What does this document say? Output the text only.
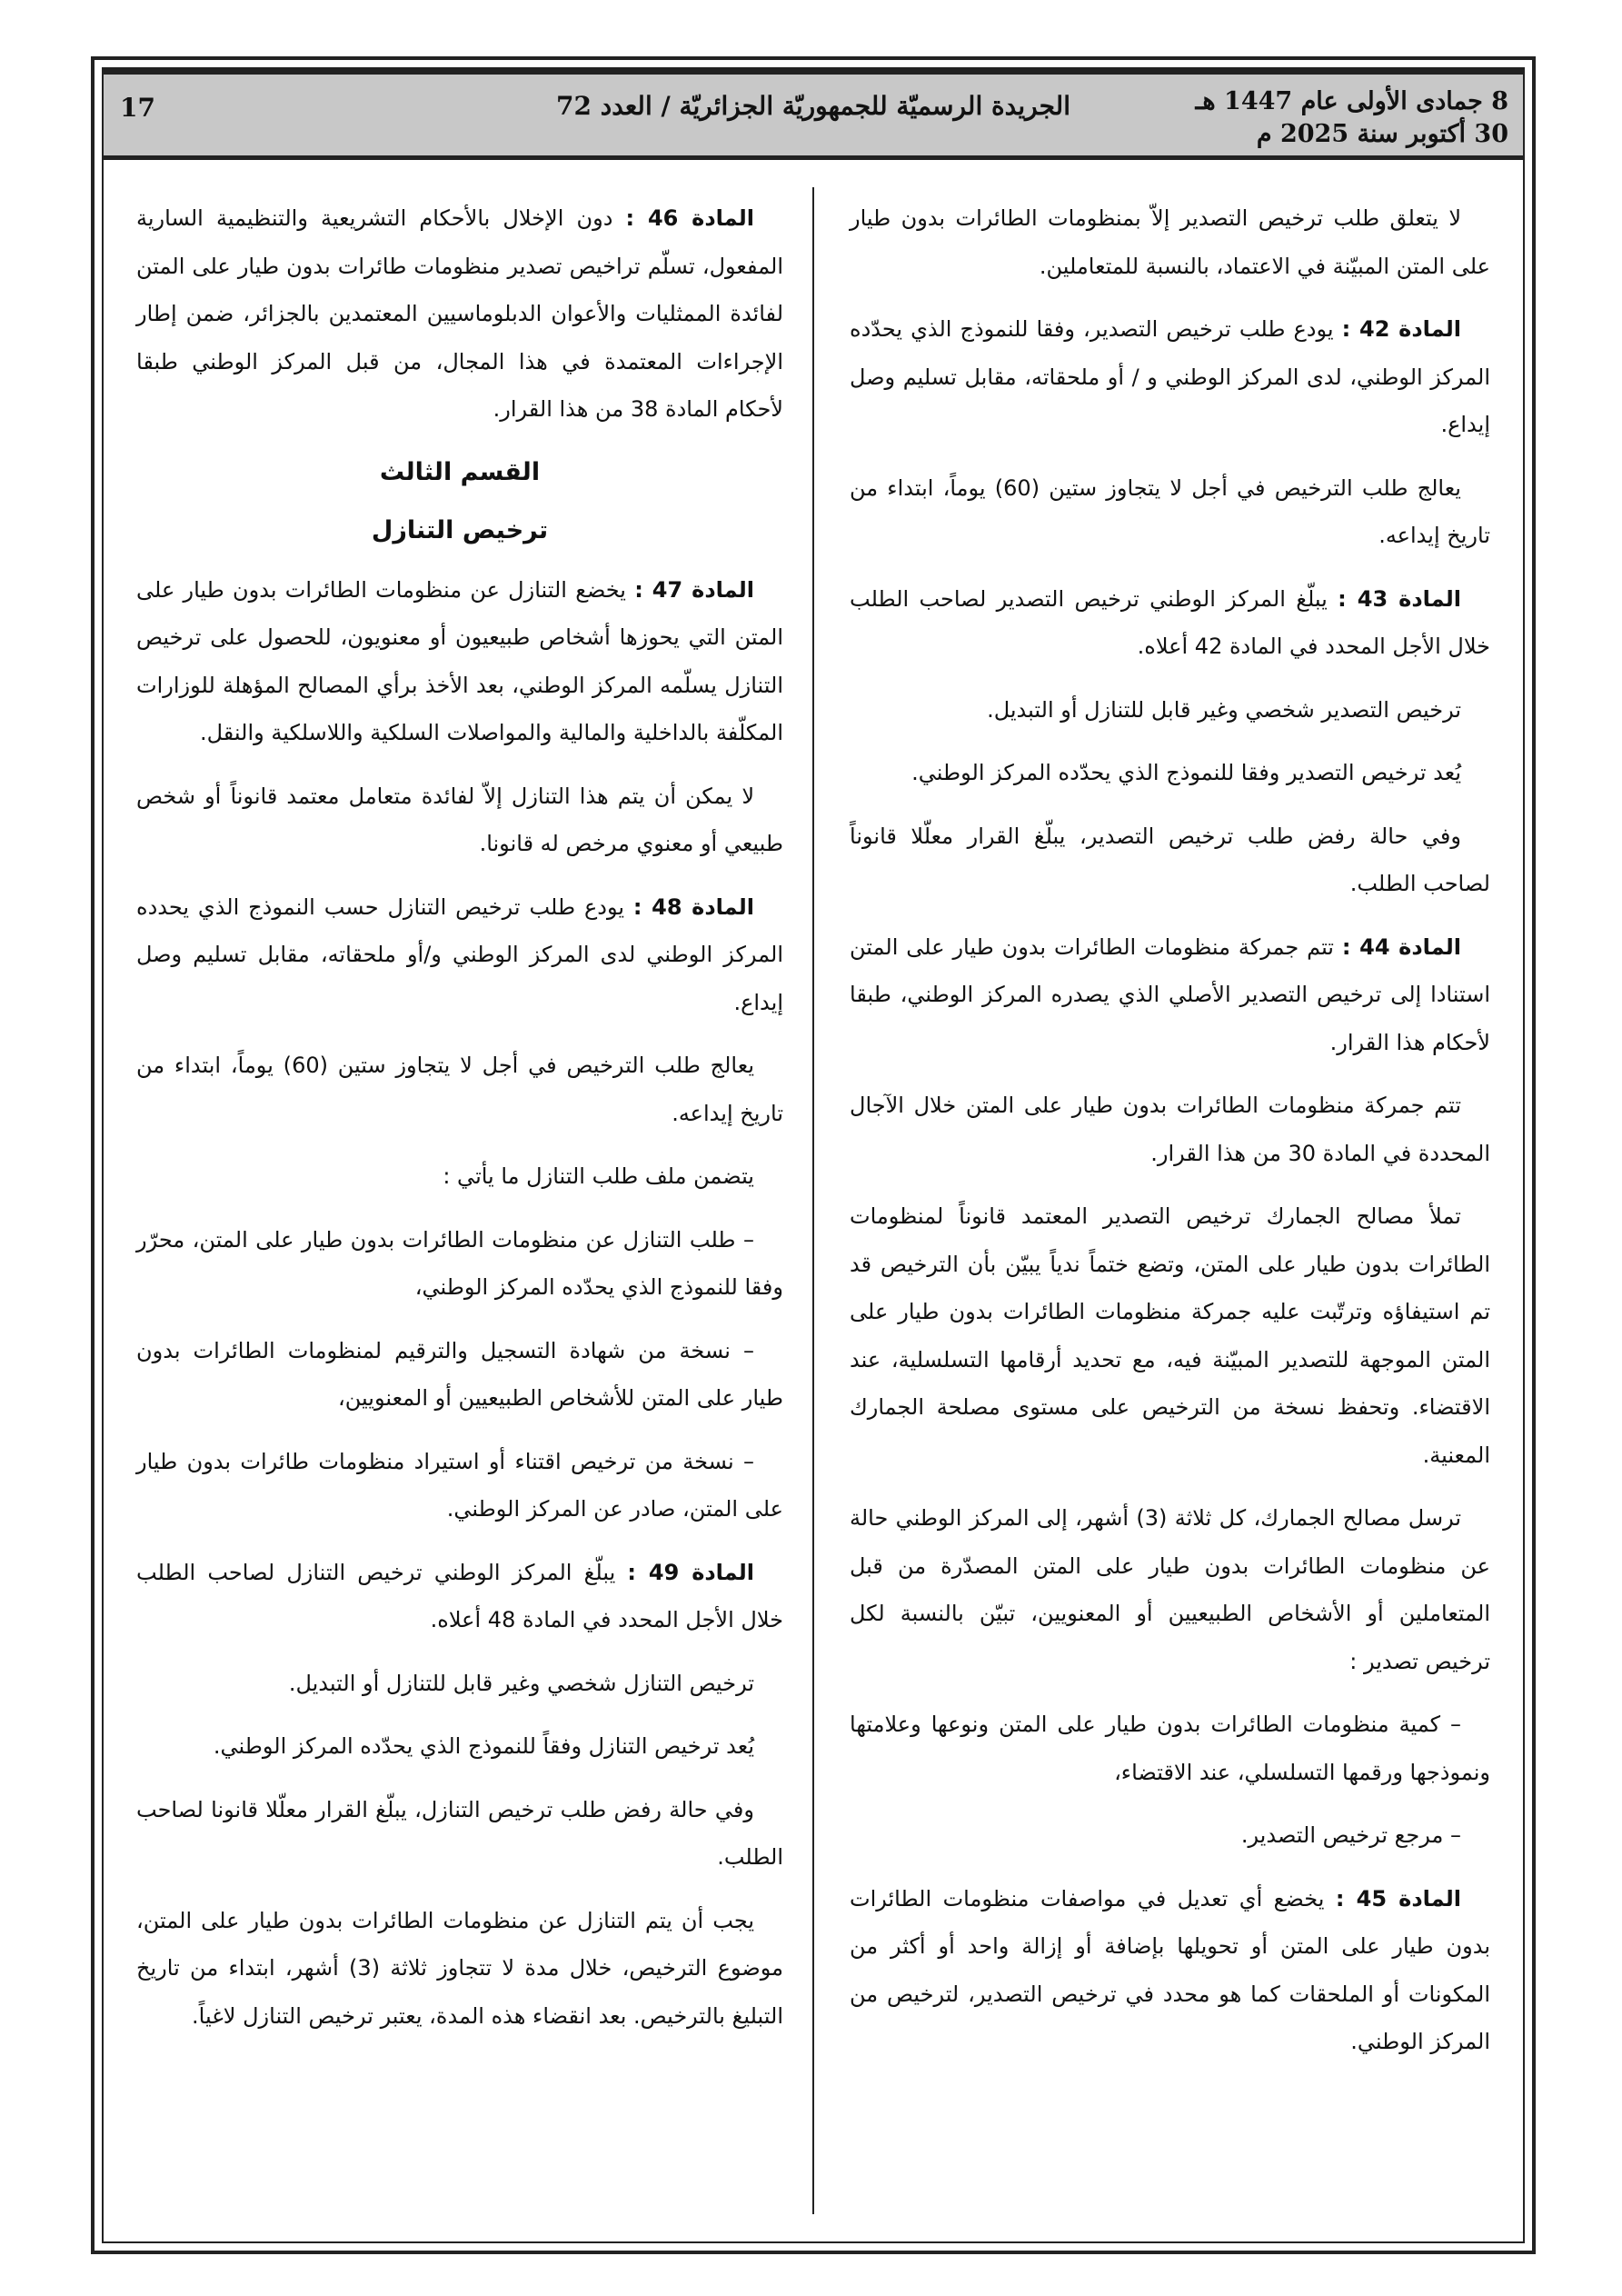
8 جمادى الأولى عام 1447 هـ
30 أكتوبر سنة 2025 م
الجريدة الرسميّة للجمهوريّة الجزائريّة / العدد 72
17

لا يتعلق طلب ترخيص التصدير إلاّ بمنظومات الطائرات بدون طيار على المتن المبيّنة في الاعتماد، بالنسبة للمتعاملين.

المادة 42 : يودع طلب ترخيص التصدير، وفقا للنموذج الذي يحدّده المركز الوطني، لدى المركز الوطني و / أو ملحقاته، مقابل تسليم وصل إيداع.

يعالج طلب الترخيص في أجل لا يتجاوز ستين (60) يوماً، ابتداء من تاريخ إيداعه.

المادة 43 : يبلّغ المركز الوطني ترخيص التصدير لصاحب الطلب خلال الأجل المحدد في المادة 42 أعلاه.

ترخيص التصدير شخصي وغير قابل للتنازل أو التبديل.

يُعد ترخيص التصدير وفقا للنموذج الذي يحدّده المركز الوطني.

وفي حالة رفض طلب ترخيص التصدير، يبلّغ القرار معلّلا قانوناً لصاحب الطلب.

المادة 44 : تتم جمركة منظومات الطائرات بدون طيار على المتن استنادا إلى ترخيص التصدير الأصلي الذي يصدره المركز الوطني، طبقا لأحكام هذا القرار.

تتم جمركة منظومات الطائرات بدون طيار على المتن خلال الآجال المحددة في المادة 30 من هذا القرار.

تملأ مصالح الجمارك ترخيص التصدير المعتمد قانوناً لمنظومات الطائرات بدون طيار على المتن، وتضع ختماً ندياً يبيّن بأن الترخيص قد تم استيفاؤه وترتّبت عليه جمركة منظومات الطائرات بدون طيار على المتن الموجهة للتصدير المبيّنة فيه، مع تحديد أرقامها التسلسلية، عند الاقتضاء. وتحفظ نسخة من الترخيص على مستوى مصلحة الجمارك المعنية.

ترسل مصالح الجمارك، كل ثلاثة (3) أشهر، إلى المركز الوطني حالة عن منظومات الطائرات بدون طيار على المتن المصدّرة من قبل المتعاملين أو الأشخاص الطبيعيين أو المعنويين، تبيّن بالنسبة لكل ترخيص تصدير :

– كمية منظومات الطائرات بدون طيار على المتن ونوعها وعلامتها ونموذجها ورقمها التسلسلي، عند الاقتضاء،

– مرجع ترخيص التصدير.

المادة 45 : يخضع أي تعديل في مواصفات منظومات الطائرات بدون طيار على المتن أو تحويلها بإضافة أو إزالة واحد أو أكثر من المكونات أو الملحقات كما هو محدد في ترخيص التصدير، لترخيص من المركز الوطني.

المادة 46 : دون الإخلال بالأحكام التشريعية والتنظيمية السارية المفعول، تسلّم تراخيص تصدير منظومات طائرات بدون طيار على المتن لفائدة الممثليات والأعوان الدبلوماسيين المعتمدين بالجزائر، ضمن إطار الإجراءات المعتمدة في هذا المجال، من قبل المركز الوطني طبقا لأحكام المادة 38 من هذا القرار.

القسم الثالث

ترخيص التنازل

المادة 47 : يخضع التنازل عن منظومات الطائرات بدون طيار على المتن التي يحوزها أشخاص طبيعيون أو معنويون، للحصول على ترخيص التنازل يسلّمه المركز الوطني، بعد الأخذ برأي المصالح المؤهلة للوزارات المكلّفة بالداخلية والمالية والمواصلات السلكية واللاسلكية والنقل.

لا يمكن أن يتم هذا التنازل إلاّ لفائدة متعامل معتمد قانوناً أو شخص طبيعي أو معنوي مرخص له قانونا.

المادة 48 : يودع طلب ترخيص التنازل حسب النموذج الذي يحدده المركز الوطني لدى المركز الوطني و/أو ملحقاته، مقابل تسليم وصل إيداع.

يعالج طلب الترخيص في أجل لا يتجاوز ستين (60) يوماً، ابتداء من تاريخ إيداعه.

يتضمن ملف طلب التنازل ما يأتي :

– طلب التنازل عن منظومات الطائرات بدون طيار على المتن، محرّر وفقا للنموذج الذي يحدّده المركز الوطني،

– نسخة من شهادة التسجيل والترقيم لمنظومات الطائرات بدون طيار على المتن للأشخاص الطبيعيين أو المعنويين،

– نسخة من ترخيص اقتناء أو استيراد منظومات طائرات بدون طيار على المتن، صادر عن المركز الوطني.

المادة 49 : يبلّغ المركز الوطني ترخيص التنازل لصاحب الطلب خلال الأجل المحدد في المادة 48 أعلاه.

ترخيص التنازل شخصي وغير قابل للتنازل أو التبديل.

يُعد ترخيص التنازل وفقاً للنموذج الذي يحدّده المركز الوطني.

وفي حالة رفض طلب ترخيص التنازل، يبلّغ القرار معلّلا قانونا لصاحب الطلب.

يجب أن يتم التنازل عن منظومات الطائرات بدون طيار على المتن، موضوع الترخيص، خلال مدة لا تتجاوز ثلاثة (3) أشهر، ابتداء من تاريخ التبليغ بالترخيص. بعد انقضاء هذه المدة، يعتبر ترخيص التنازل لاغياً.
